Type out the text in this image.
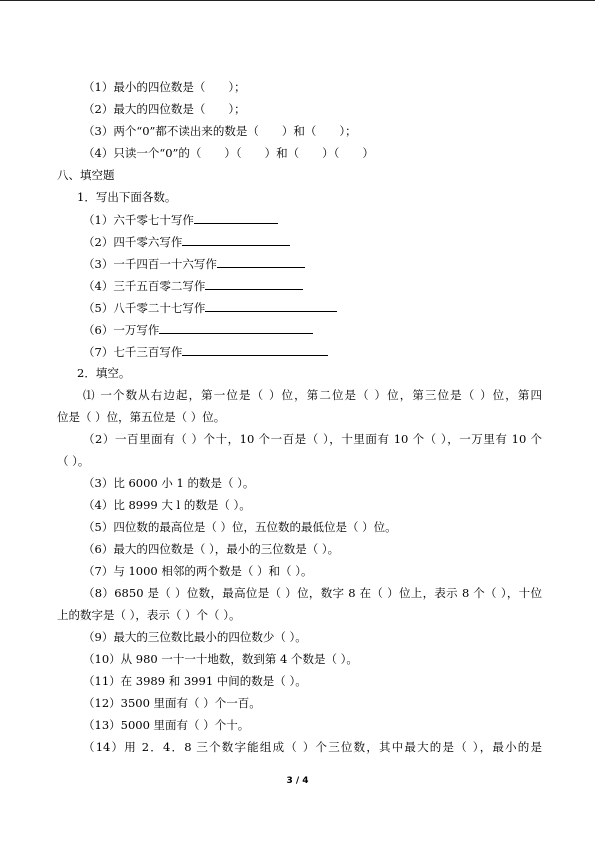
（1）最小的四位数是（　　）；
（2）最大的四位数是（　　）；
（3）两个“0”都不读出来的数是（　　）和（　　）；
（4）只读一个“0”的（　　）（　　）和（　　）（　　）
八、填空题
1．写出下面各数。
（1）六千零七十写作
（2）四千零六写作
（3）一千四百一十六写作
（4）三千五百零二写作
（5）八千零二十七写作
（6）一万写作
（7）七千三百写作
2．填空。
⑴ 一个数从右边起，第一位是（ ）位，第二位是（ ）位，第三位是（ ）位，第四
位是（ ）位，第五位是（ ）位。
（2）一百里面有（ ）个十，10 个一百是（ ），十里面有 10 个（ ），一万里有 10 个
（ ）。
（3）比 6000 小 1 的数是（ ）。
（4）比 8999 大 l 的数是（ ）。
（5）四位数的最高位是（ ）位，五位数的最低位是（ ）位。
（6）最大的四位数是（ ），最小的三位数是（ ）。
（7）与 1000 相邻的两个数是（ ）和（ ）。
（8）6850 是（ ）位数，最高位是（ ）位，数字 8 在（ ）位上，表示 8 个（ ），十位
上的数字是（ ），表示（ ）个（ ）。
（9）最大的三位数比最小的四位数少（ ）。
（10）从 980 一十一十地数，数到第 4 个数是（ ）。
（11）在 3989 和 3991 中间的数是（ ）。
（12）3500 里面有（ ）个一百。
（13）5000 里面有（ ）个十。
（14）用 2．4．8 三个数字能组成（ ）个三位数，其中最大的是（ ），最小的是
3 / 4
